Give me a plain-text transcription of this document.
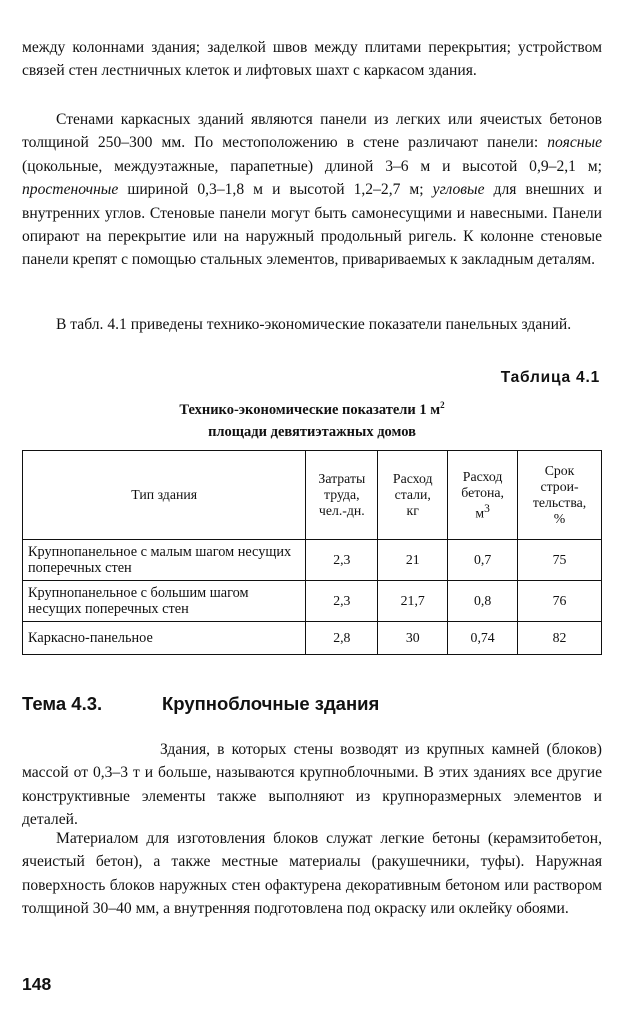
между колоннами здания; заделкой швов между плитами перекрытия; устройством связей стен лестничных клеток и лифтовых шахт с каркасом здания.

Стенами каркасных зданий являются панели из легких или ячеистых бетонов толщиной 250–300 мм. По местоположению в стене различают панели: поясные (цокольные, междуэтажные, парапетные) длиной 3–6 м и высотой 0,9–2,1 м; простеночные шириной 0,3–1,8 м и высотой 1,2–2,7 м; угловые для внешних и внутренних углов. Стеновые панели могут быть самонесущими и навесными. Панели опирают на перекрытие или на наружный продольный ригель. К колонне стеновые панели крепят с помощью стальных элементов, привариваемых к закладным деталям.

В табл. 4.1 приведены технико-экономические показатели панельных зданий.

Таблица 4.1
Технико-экономические показатели 1 $м^2$
площади девятиэтажных домов
Тип здания	Затраты
труда,
чел.-дн.	Расход
стали,
кг	Расход
бетона,
$м^3$	Срок
строи-
тельства,
%
Крупнопанельное с малым шагом несущих поперечных стен	2,3	21	0,7	75
Крупнопанельное с большим шагом несущих поперечных стен	2,3	21,7	0,8	76
Каркасно-панельное	2,8	30	0,74	82
Тема 4.3.	Крупноблочные здания

Здания, в которых стены возводят из крупных камней (блоков) массой от 0,3–3 т и больше, называются крупноблочными. В этих зданиях все другие конструктивные элементы также выполняют из крупноразмерных элементов и деталей.

Материалом для изготовления блоков служат легкие бетоны (керамзитобетон, ячеистый бетон), а также местные материалы (ракушечники, туфы). Наружная поверхность блоков наружных стен офактурена декоративным бетоном или раствором толщиной 30–40 мм, а внутренняя подготовлена под окраску или оклейку обоями.

148
